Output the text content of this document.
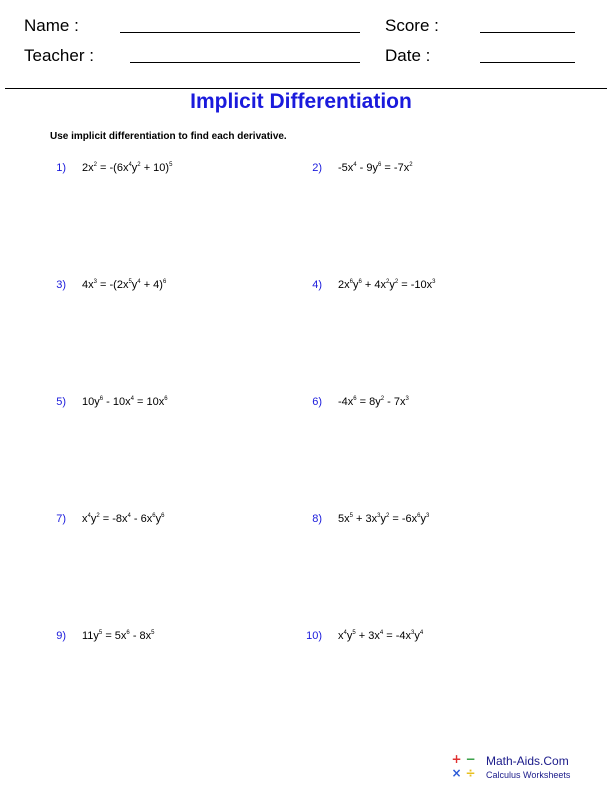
Name :	Score :
Teacher :	Date :
Implicit Differentiation
Use implicit differentiation to find each derivative.
1) $2x^2 = -(6x^4y^2 + 10)^5$	2) $-5x^4 - 9y^6 = -7x^2$
3) $4x^3 = -(2x^5y^4 + 4)^6$	4) $2x^6y^6 + 4x^2y^2 = -10x^3$
5) $10y^6 - 10x^4 = 10x^6$	6) $-4x^6 = 8y^2 - 7x^3$
7) $x^4y^2 = -8x^4 - 6x^6y^6$	8) $5x^5 + 3x^3y^2 = -6x^6y^3$
9) $11y^5 = 5x^6 - 8x^5$	10) $x^4y^5 + 3x^4 = -4x^3y^4$
+ −
× ÷
Math-Aids.Com
Calculus Worksheets
